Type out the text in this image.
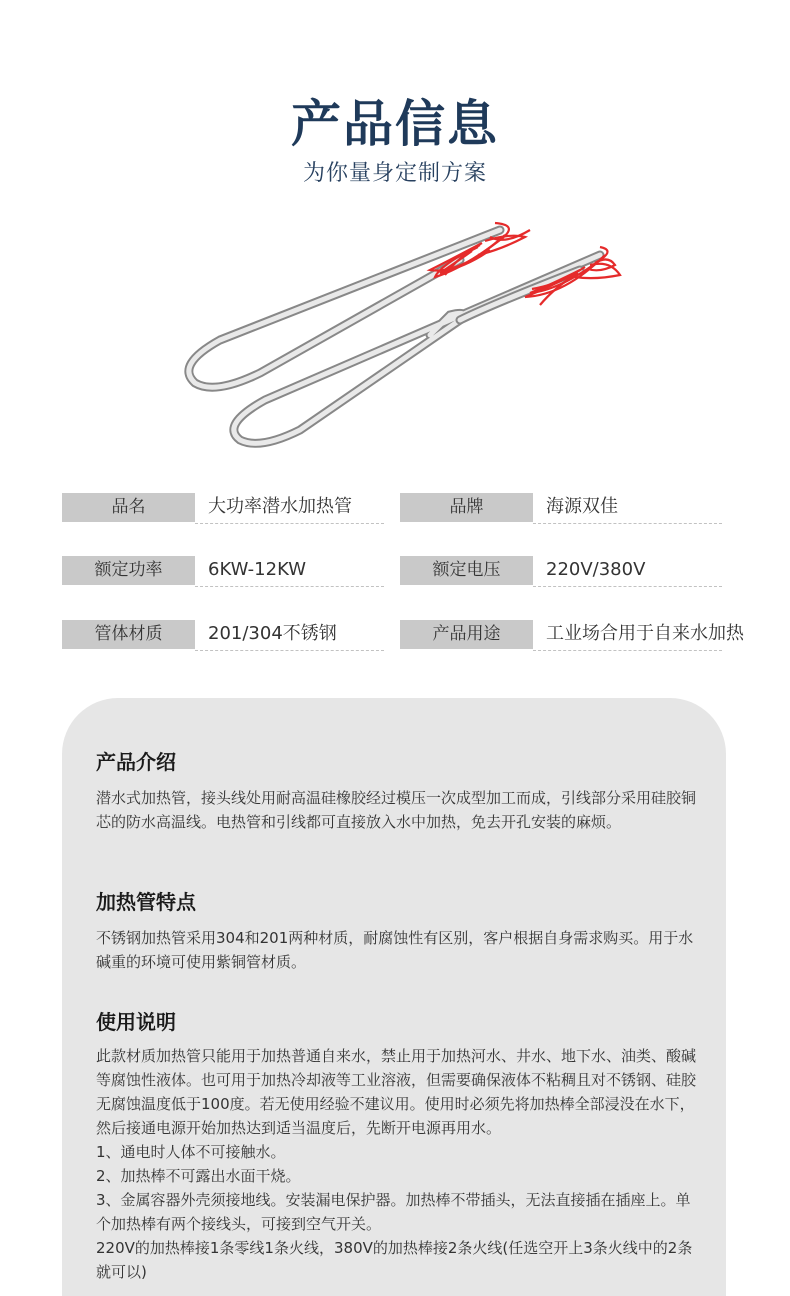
产品信息
为你量身定制方案
品名	大功率潜水加热管	品牌	海源双佳
额定功率	6KW-12KW	额定电压	220V/380V
管体材质	201/304不锈钢	产品用途	工业场合用于自来水加热
产品介绍
潜水式加热管，接头线处用耐高温硅橡胶经过模压一次成型加工而成，引线部分采用硅胶铜芯的防水高温线。电热管和引线都可直接放入水中加热，免去开孔安装的麻烦。
加热管特点
不锈钢加热管采用304和201两种材质，耐腐蚀性有区别，客户根据自身需求购买。用于水碱重的环境可使用紫铜管材质。
使用说明

此款材质加热管只能用于加热普通自来水，禁止用于加热河水、井水、地下水、油类、酸碱等腐蚀性液体。也可用于加热冷却液等工业溶液，但需要确保液体不粘稠且对不锈钢、硅胶无腐蚀温度低于100度。若无使用经验不建议用。使用时必须先将加热棒全部浸没在水下，然后接通电源开始加热达到适当温度后，先断开电源再用水。

1、通电时人体不可接触水。

2、加热棒不可露出水面干烧。

3、金属容器外壳须接地线。安装漏电保护器。加热棒不带插头，无法直接插在插座上。单个加热棒有两个接线头，可接到空气开关。

220V的加热棒接1条零线1条火线，380V的加热棒接2条火线(任选空开上3条火线中的2条就可以)
